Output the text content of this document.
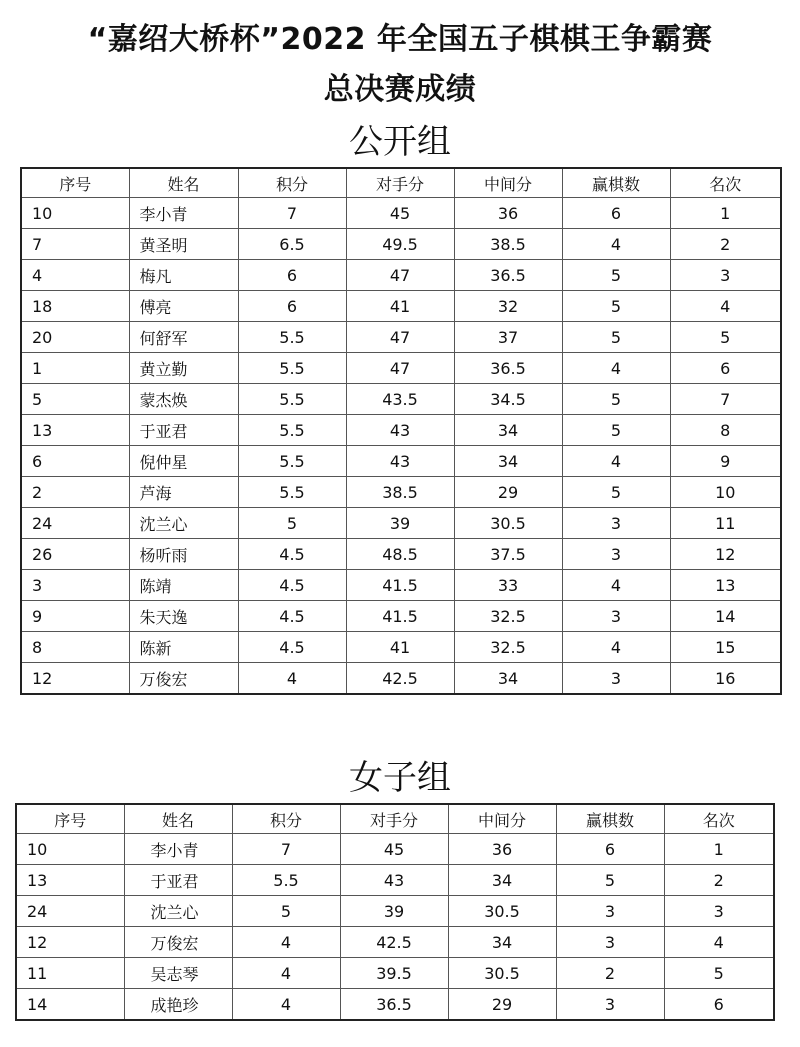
“嘉绍大桥杯”2022 年全国五子棋棋王争霸赛
总决赛成绩
公开组
序号	姓名	积分	对手分	中间分	赢棋数	名次
10	李小青	7	45	36	6	1
7	黄圣明	6.5	49.5	38.5	4	2
4	梅凡	6	47	36.5	5	3
18	傅亮	6	41	32	5	4
20	何舒军	5.5	47	37	5	5
1	黄立勤	5.5	47	36.5	4	6
5	蒙杰焕	5.5	43.5	34.5	5	7
13	于亚君	5.5	43	34	5	8
6	倪仲星	5.5	43	34	4	9
2	芦海	5.5	38.5	29	5	10
24	沈兰心	5	39	30.5	3	11
26	杨听雨	4.5	48.5	37.5	3	12
3	陈靖	4.5	41.5	33	4	13
9	朱天逸	4.5	41.5	32.5	3	14
8	陈新	4.5	41	32.5	4	15
12	万俊宏	4	42.5	34	3	16
女子组
序号	姓名	积分	对手分	中间分	赢棋数	名次
10	李小青	7	45	36	6	1
13	于亚君	5.5	43	34	5	2
24	沈兰心	5	39	30.5	3	3
12	万俊宏	4	42.5	34	3	4
11	吴志琴	4	39.5	30.5	2	5
14	成艳珍	4	36.5	29	3	6
